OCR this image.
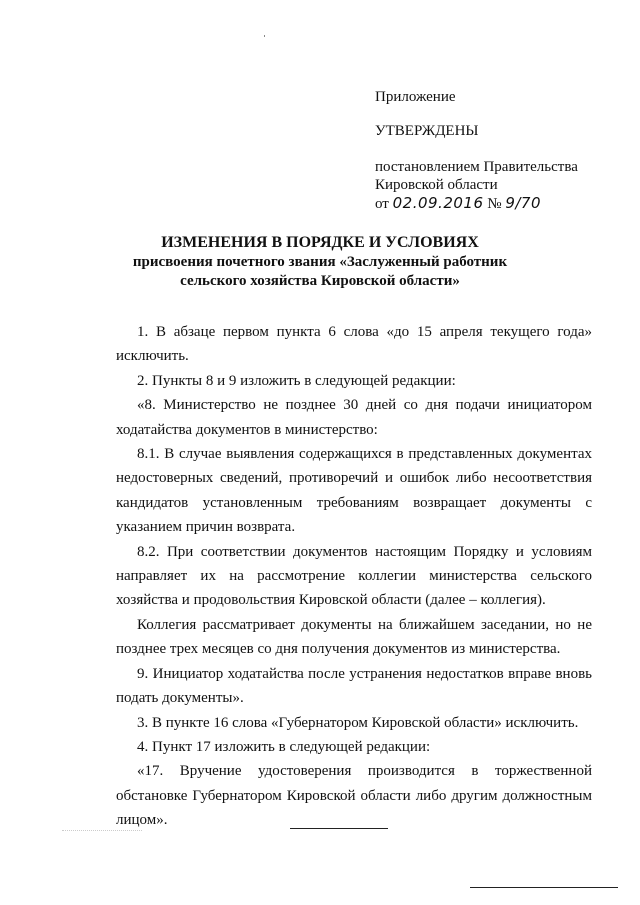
Приложение
УТВЕРЖДЕНЫ
постановлением Правительства
Кировской области
от 02.09.2016 № 9/70
ИЗМЕНЕНИЯ В ПОРЯДКЕ И УСЛОВИЯХ
присвоения почетного звания «Заслуженный работник
сельского хозяйства Кировской области»

1. В абзаце первом пункта 6 слова «до 15 апреля текущего года» исключить.

2. Пункты 8 и 9 изложить в следующей редакции:

«8. Министерство не позднее 30 дней со дня подачи инициатором ходатайства документов в министерство:

8.1. В случае выявления содержащихся в представленных документах недостоверных сведений, противоречий и ошибок либо несоответствия кандидатов установленным требованиям возвращает документы с указанием причин возврата.

8.2. При соответствии документов настоящим Порядку и условиям направляет их на рассмотрение коллегии министерства сельского хозяйства и продовольствия Кировской области (далее – коллегия).

Коллегия рассматривает документы на ближайшем заседании, но не позднее трех месяцев со дня получения документов из министерства.

9. Инициатор ходатайства после устранения недостатков вправе вновь подать документы».

3. В пункте 16 слова «Губернатором Кировской области» исключить.

4. Пункт 17 изложить в следующей редакции:

«17. Вручение удостоверения производится в торжественной обстановке Губернатором Кировской области либо другим должностным лицом».
